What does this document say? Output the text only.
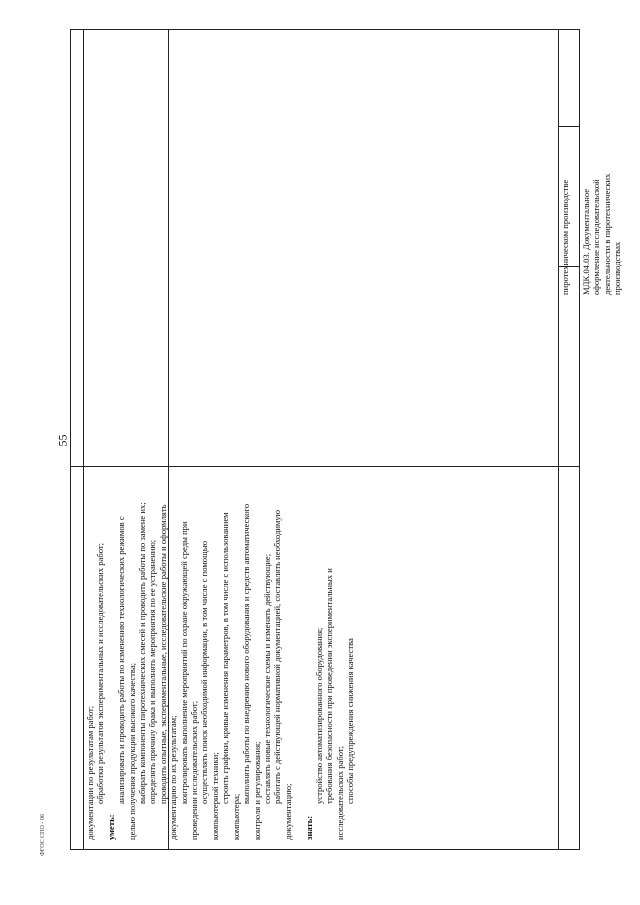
55
ФГОС СПО - 06	документации по результатам работ; обработки результатов экспериментальных и исследовательских работ;

уметь:

анализировать и проводить работы по изменению технологических режимов с целью получения продукции высокого качества; выбирать компоненты пиротехнических смесей и проводить работы по замене их; определять причину брака и выполнять мероприятия по ее устранению; проводить опытные, экспериментальные, исследовательские работы и оформлять документацию по их результатам; контролировать выполнение мероприятий по охране окружающей среды при проведении исследовательских работ; осуществлять поиск необходимой информации, в том числе с помощью компьютерной техники; строить графики, кривые изменения параметров, в том числе с использованием компьютера;

выполнять работы по внедрению нового оборудования и средств автоматического контроля и регулирования; составлять новые технологические схемы и изменять действующие; работать с действующей нормативной документацией, составлять необходимую документацию; знать:

устройство автоматизированного оборудования; требования безопасности при проведении экспериментальных и исследовательских работ; способы предупреждения снижения качества

пиротехническом производстве МДК.04.03. Документальное оформление исследовательской деятельности в пиротехнических производствах
